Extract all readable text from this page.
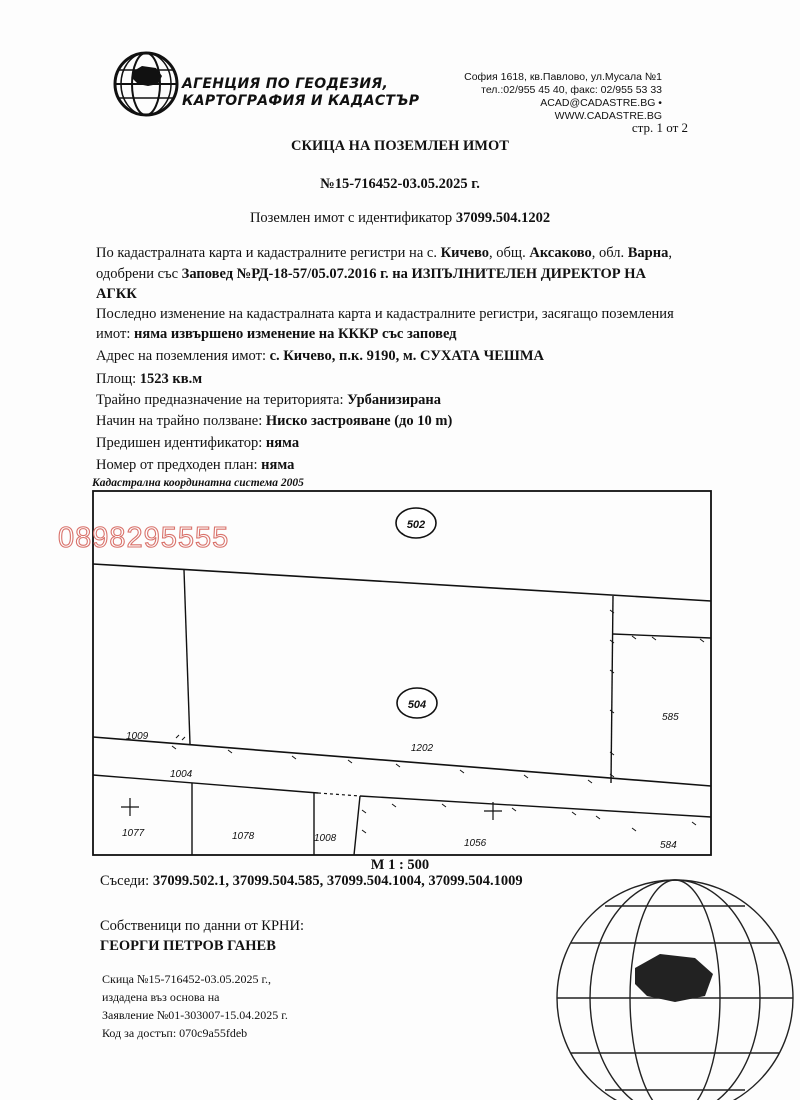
АГЕНЦИЯ ПО ГЕОДЕЗИЯ,
КАРТОГРАФИЯ И КАДАСТЪР
София 1618, кв.Павлово, ул.Мусала №1
тел.:02/955 45 40, факс: 02/955 53 33
ACAD@CADASTRE.BG • WWW.CADASTRE.BG
стр. 1 от 2
СКИЦА НА ПОЗЕМЛЕН ИМОТ
№15-716452-03.05.2025 г.
Поземлен имот с идентификатор 37099.504.1202
По кадастралната карта и кадастралните регистри на с. Кичево, общ. Аксаково, обл. Варна,
одобрени със Заповед №РД-18-57/05.07.2016 г. на ИЗПЪЛНИТЕЛЕН ДИРЕКТОР НА
АГКК
Последно изменение на кадастралната карта и кадастралните регистри, засягащо поземления
имот: няма извършено изменение на КККР със заповед
Адрес на поземления имот: с. Кичево, п.к. 9190, м. СУХАТА ЧЕШМА
Площ: 1523 кв.м
Трайно предназначение на територията: Урбанизирана
Начин на трайно ползване: Ниско застрояване (до 10 m)
Предишен идентификатор: няма
Номер от предходен план: няма
Кадастрална координатна система 2005
502
504
1202
1009
1004
585
1077	1078	1008	1056	584
0898295555
М 1 : 500
Съседи: 37099.502.1, 37099.504.585, 37099.504.1004, 37099.504.1009
Собственици по данни от КРНИ:
ГЕОРГИ ПЕТРОВ ГАНЕВ
Скица №15-716452-03.05.2025 г.,
издадена въз основа на
Заявление №01-303007-15.04.2025 г.
Код за достъп: 070c9a55fdeb
